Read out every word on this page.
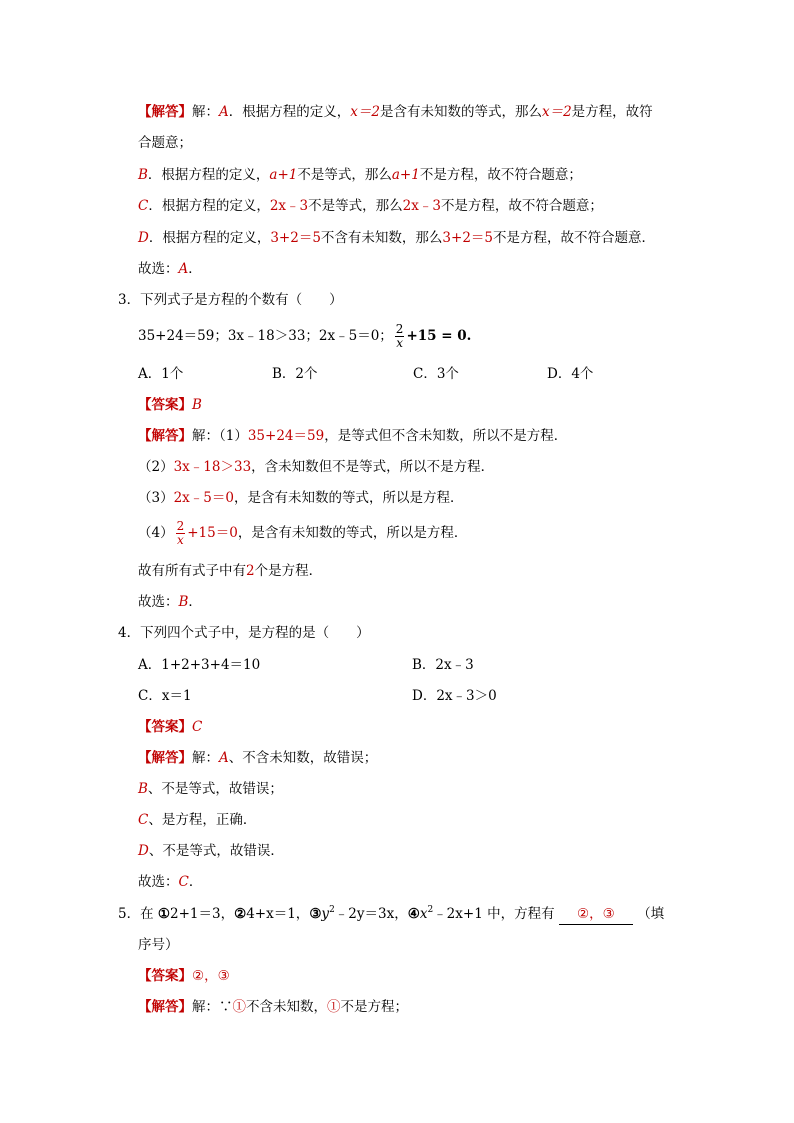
【解答】解：A．根据方程的定义，x＝2是含有未知数的等式，那么x＝2是方程，故符
合题意；
B．根据方程的定义，a+1不是等式，那么a+1不是方程，故不符合题意；
C．根据方程的定义，2x﹣3不是等式，那么2x﹣3不是方程，故不符合题意；
D．根据方程的定义，3+2＝5不含有未知数，那么3+2＝5不是方程，故不符合题意．
故选：A．
3．下列式子是方程的个数有（　　）
35+24＝59；3x﹣18＞33；2x﹣5＝0； $\frac{2}{x} +15 = 0$.
A．1个	B．2个	C．3个	D．4个
【答案】B
【解答】解：（1）35+24＝59，是等式但不含未知数，所以不是方程．
（2）3x﹣18＞33，含未知数但不是等式，所以不是方程．
（3）2x﹣5＝0，是含有未知数的等式，所以是方程．
$(4) \frac{2}{x} +15=0$，是含有未知数的等式，所以是方程．
故有所有式子中有2个是方程．
故选：B．
4．下列四个式子中，是方程的是（　　）
A．1+2+3+4＝10	B．2x﹣3
C．x＝1	D．2x﹣3＞0
【答案】C
【解答】解：A、不含未知数，故错误；
B、不是等式，故错误；
C、是方程，正确．
D、不是等式，故错误．
故选：C．
5．在 ①2+1＝3，②4+x＝1，$③y^2﹣2y=3x$，$④x^2﹣2x+1$ 中，方程有 ②，③ （填
序号）
【答案】②，③
【解答】解：∵①不含未知数，①不是方程；
